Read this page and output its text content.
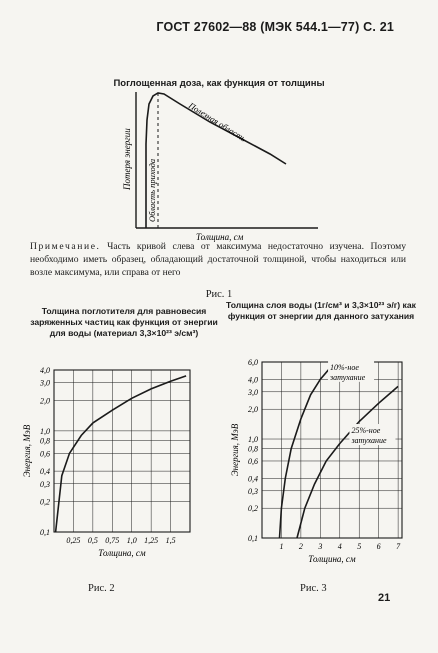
ГОСТ 27602—88 (МЭК 544.1—77) С. 21
Поглощенная доза, как функция от толщины
Потеря энергии Область прихода
Полезная область
Толщина, см
Примечание. Часть кривой слева от максимума недостаточно изучена. Поэтому необходимо иметь образец, обладающий достаточной толщиной, чтобы находиться или возле максимума, или справа от него
Рис. 1
Толщина поглотителя для равновесия заряженных частиц как функция от энергии для воды (материал 3,3×10²³ э/см³)
Толщина слоя воды (1г/см³ и 3,3×10²³ э/г) как функция от энергии для данного затухания
0,1
0,2
0,3
0,4
0,6
0,8
1,0
2,0
3,0
4,0
0,25 0,5 0,75 1,0 1,25 1,5
Толщина, см
Энергия, МэВ
0,1
0,2
0,3
0,4
0,6
0,8
1,0
2,0
3,0
4,0
6,0
1 2 3 4 5 6 7
Толщина, см
Энергия, МэВ
10%-ное
затухание
25%-ное
затухание
Рис. 2	Рис. 3
21
